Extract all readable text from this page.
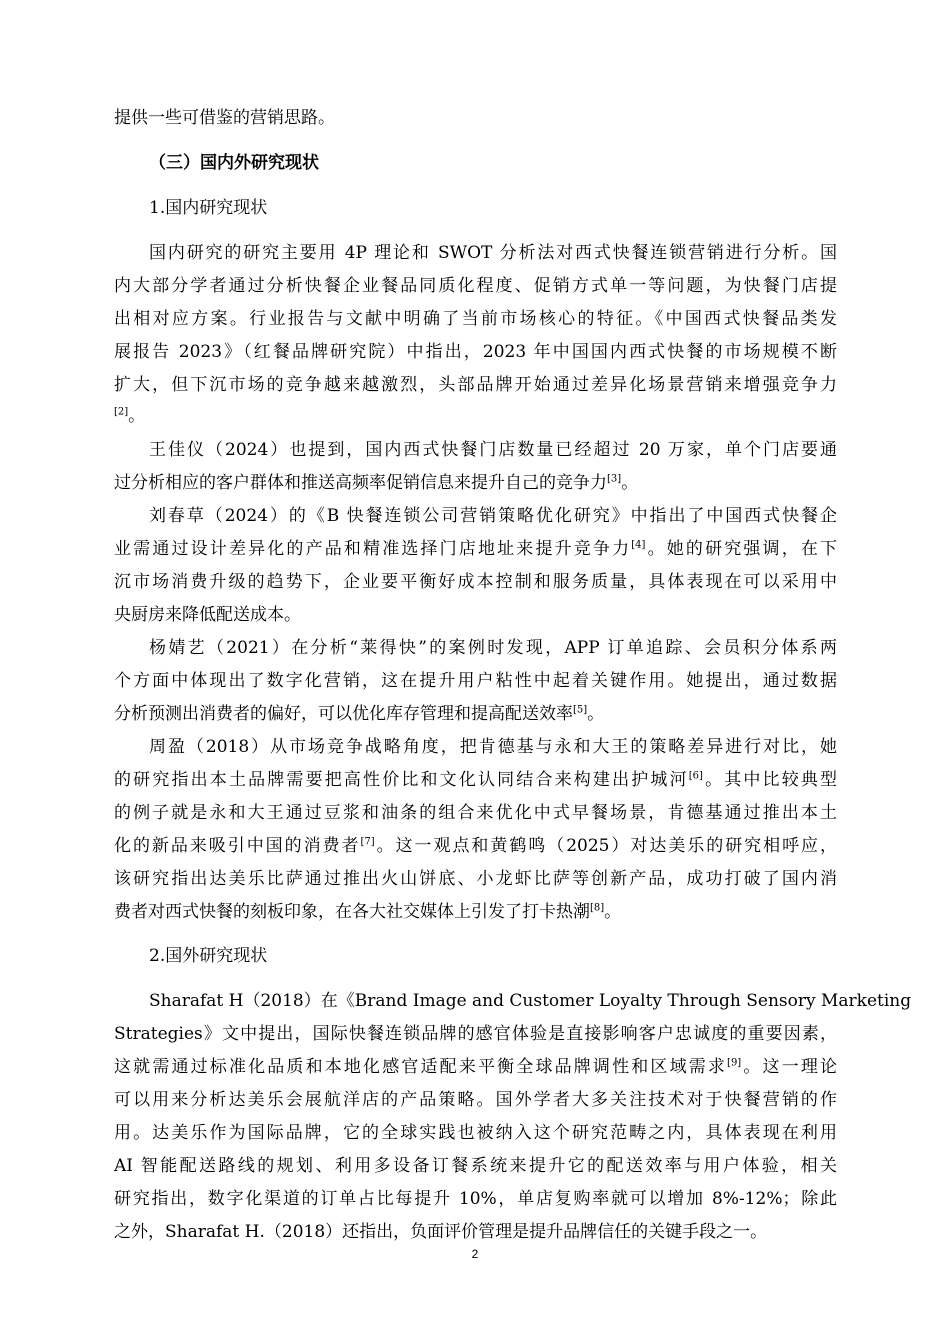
提供一些可借鉴的营销思路。

（三）国内外研究现状

1.国内研究现状

国内研究的研究主要用 4P 理论和 SWOT 分析法对西式快餐连锁营销进行分析。国

内大部分学者通过分析快餐企业餐品同质化程度、促销方式单一等问题，为快餐门店提

出相对应方案。行业报告与文献中明确了当前市场核心的特征。《中国西式快餐品类发

展报告 2023》（红餐品牌研究院）中指出，2023 年中国国内西式快餐的市场规模不断

扩大，但下沉市场的竞争越来越激烈，头部品牌开始通过差异化场景营销来增强竞争力

[2]。

王佳仪（2024）也提到，国内西式快餐门店数量已经超过 20 万家，单个门店要通

过分析相应的客户群体和推送高频率促销信息来提升自己的竞争力[3]。

刘春草（2024）的《B 快餐连锁公司营销策略优化研究》中指出了中国西式快餐企

业需通过设计差异化的产品和精准选择门店地址来提升竞争力[4]。她的研究强调，在下

沉市场消费升级的趋势下，企业要平衡好成本控制和服务质量，具体表现在可以采用中

央厨房来降低配送成本。

杨婧艺（2021）在分析“莱得快”的案例时发现，APP 订单追踪、会员积分体系两

个方面中体现出了数字化营销，这在提升用户粘性中起着关键作用。她提出，通过数据

分析预测出消费者的偏好，可以优化库存管理和提高配送效率[5]。

周盈（2018）从市场竞争战略角度，把肯德基与永和大王的策略差异进行对比，她

的研究指出本土品牌需要把高性价比和文化认同结合来构建出护城河[6]。其中比较典型

的例子就是永和大王通过豆浆和油条的组合来优化中式早餐场景，肯德基通过推出本土

化的新品来吸引中国的消费者[7]。这一观点和黄鹤鸣（2025）对达美乐的研究相呼应，

该研究指出达美乐比萨通过推出火山饼底、小龙虾比萨等创新产品，成功打破了国内消

费者对西式快餐的刻板印象，在各大社交媒体上引发了打卡热潮[8]。

2.国外研究现状

Sharafat H（2018）在《Brand Image and Customer Loyalty Through Sensory Marketing

Strategies》文中提出，国际快餐连锁品牌的感官体验是直接影响客户忠诚度的重要因素，

这就需通过标准化品质和本地化感官适配来平衡全球品牌调性和区域需求[9]。这一理论

可以用来分析达美乐会展航洋店的产品策略。国外学者大多关注技术对于快餐营销的作

用。达美乐作为国际品牌，它的全球实践也被纳入这个研究范畴之内，具体表现在利用

AI 智能配送路线的规划、利用多设备订餐系统来提升它的配送效率与用户体验，相关

研究指出，数字化渠道的订单占比每提升 10%，单店复购率就可以增加 8%-12%；除此

之外，Sharafat H.（2018）还指出，负面评价管理是提升品牌信任的关键手段之一。

2
